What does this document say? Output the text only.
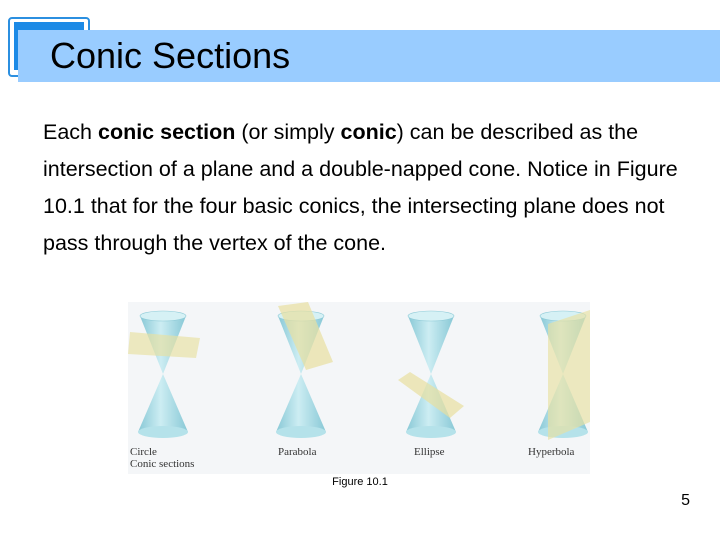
Conic Sections

Each conic section (or simply conic) can be described as the intersection of a plane and a double-napped cone. Notice in Figure 10.1 that for the four basic conics, the intersecting plane does not pass through the vertex of the cone.

Circle
Conic sections
Parabola	Ellipse	Hyperbola
Figure 10.1
5
